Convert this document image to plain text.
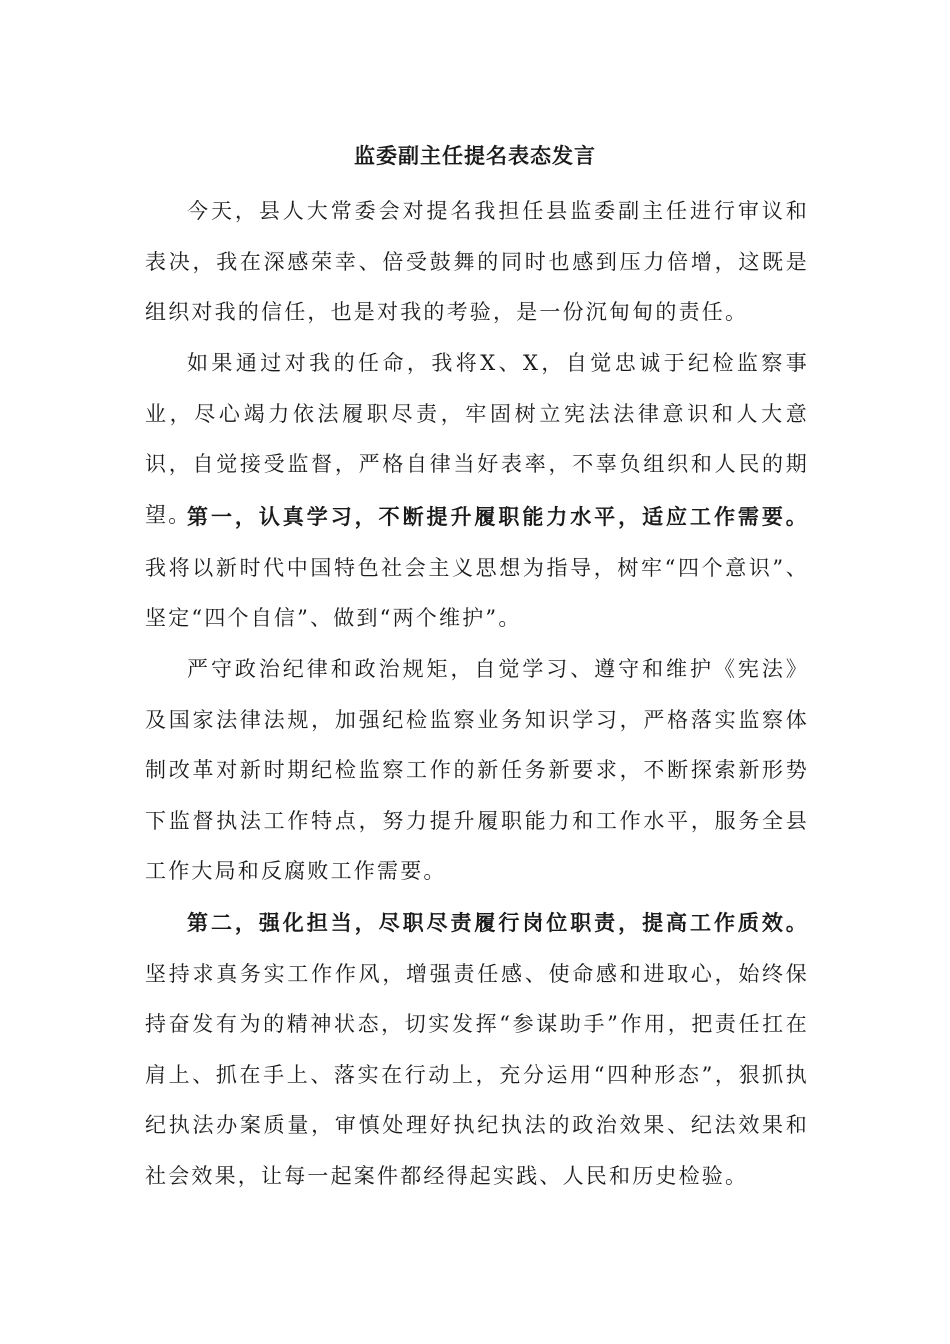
监委副主任提名表态发言

今天，县人大常委会对提名我担任县监委副主任进行审议和表决，我在深感荣幸、倍受鼓舞的同时也感到压力倍增，这既是组织对我的信任，也是对我的考验，是一份沉甸甸的责任。

如果通过对我的任命，我将X、X，自觉忠诚于纪检监察事业，尽心竭力依法履职尽责，牢固树立宪法法律意识和人大意识，自觉接受监督，严格自律当好表率，不辜负组织和人民的期望。

第一，认真学习，不断提升履职能力水平，适应工作需要。我将以新时代中国特色社会主义思想为指导，树牢“四个意识”、坚定“四个自信”、做到“两个维护”。

严守政治纪律和政治规矩，自觉学习、遵守和维护《宪法》及国家法律法规，加强纪检监察业务知识学习，严格落实监察体制改革对新时期纪检监察工作的新任务新要求，不断探索新形势下监督执法工作特点，努力提升履职能力和工作水平，服务全县工作大局和反腐败工作需要。

第二，强化担当，尽职尽责履行岗位职责，提高工作质效。坚持求真务实工作作风，增强责任感、使命感和进取心，始终保持奋发有为的精神状态，切实发挥“参谋助手”作用，把责任扛在肩上、抓在手上、落实在行动上，充分运用“四种形态”，狠抓执纪执法办案质量，审慎处理好执纪执法的政治效果、纪法效果和社会效果，让每一起案件都经得起实践、人民和历史检验。
